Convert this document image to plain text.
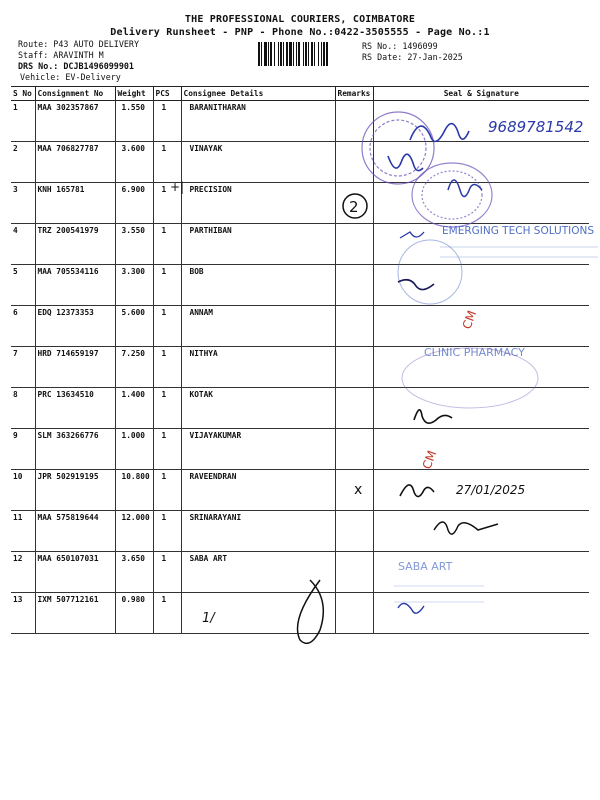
THE PROFESSIONAL COURIERS, COIMBATORE
Delivery Runsheet - PNP - Phone No.:0422-3505555 - Page No.:1
Route: P43 AUTO DELIVERY
Staff: ARAVINTH M
DRS No.: DCJB1496099901
Vehicle: EV-Delivery
RS No.: 1496099
RS Date: 27-Jan-2025
S No	Consignment No	Weight	PCS	Consignee Details	Remarks	Seal & Signature
1	MAA 302357867	1.550	1	BARANITHARAN		
2	MAA 706827787	3.600	1	VINAYAK		
3	KNH 165781	6.900	1	PRECISION		
4	TRZ 200541979	3.550	1	PARTHIBAN		
5	MAA 705534116	3.300	1	BOB		
6	EDQ 12373353	5.600	1	ANNAM		
7	HRD 714659197	7.250	1	NITHYA		
8	PRC 13634510	1.400	1	KOTAK		
9	SLM 363266776	1.000	1	VIJAYAKUMAR		
10	JPR 502919195	10.800	1	RAVEENDRAN		
11	MAA 575819644	12.000	1	SRINARAYANI		
12	MAA 650107031	3.650	1	SABA ART		
13	IXM 507712161	0.980	1			
9689781542
2
+|
EMERGING TECH SOLUTIONS
CM
CLINIC PHARMACY
CM
x	27/01/2025
SABA ART
1/
